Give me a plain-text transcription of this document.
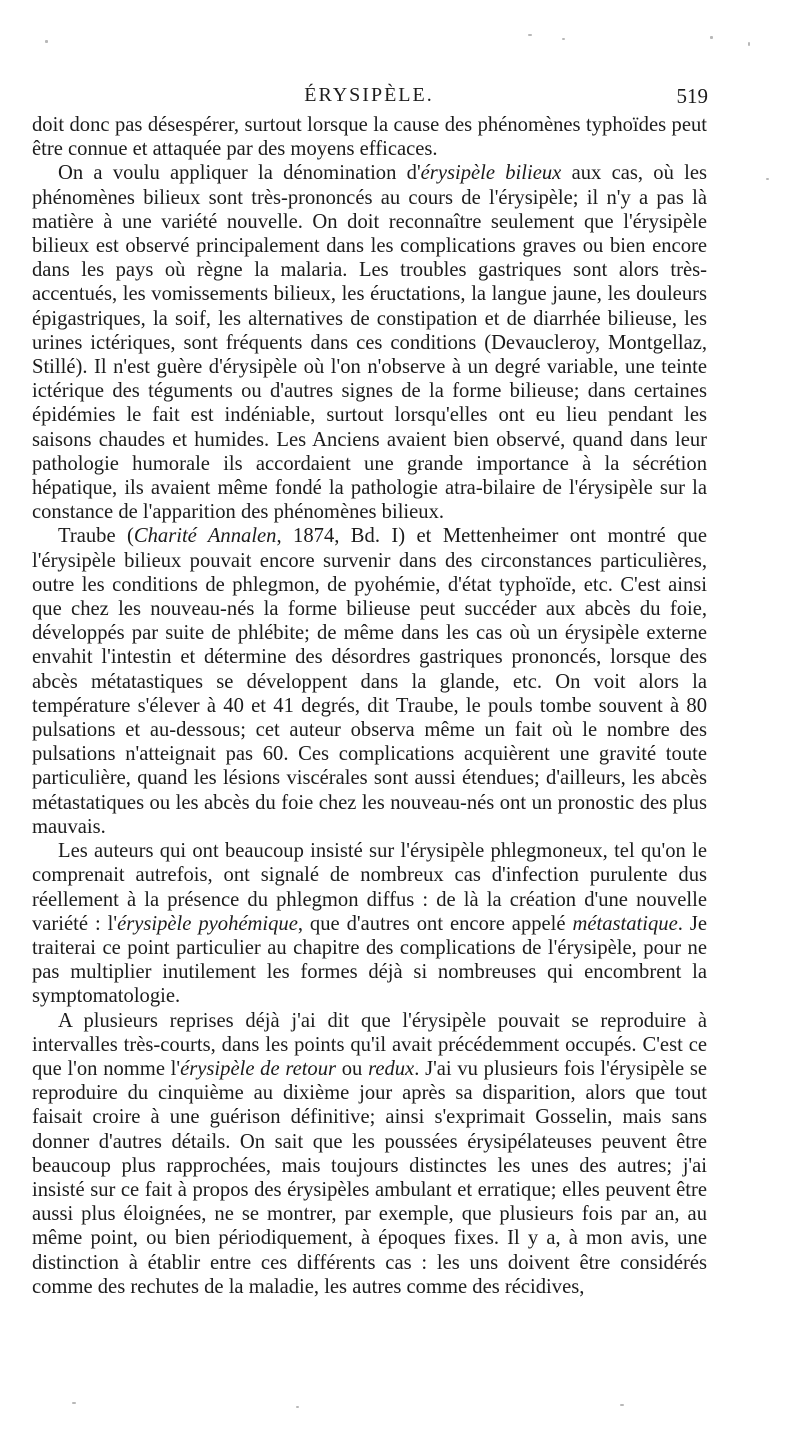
ÉRYSIPÈLE.	519

doit donc pas désespérer, surtout lorsque la cause des phénomènes typhoïdes peut être connue et attaquée par des moyens efficaces.

On a voulu appliquer la dénomination d'érysipèle bilieux aux cas, où les phénomènes bilieux sont très-prononcés au cours de l'érysipèle; il n'y a pas là matière à une variété nouvelle. On doit reconnaître seulement que l'érysipèle bilieux est observé principalement dans les complications graves ou bien encore dans les pays où règne la malaria. Les troubles gastriques sont alors très-accentués, les vomissements bilieux, les éructations, la langue jaune, les douleurs épigastriques, la soif, les alternatives de constipation et de diarrhée bilieuse, les urines ictériques, sont fréquents dans ces conditions (Devaucleroy, Montgellaz, Stillé). Il n'est guère d'érysipèle où l'on n'observe à un degré variable, une teinte ictérique des téguments ou d'autres signes de la forme bilieuse; dans certaines épidémies le fait est indéniable, surtout lorsqu'elles ont eu lieu pendant les saisons chaudes et humides. Les Anciens avaient bien observé, quand dans leur pathologie humorale ils accordaient une grande importance à la sécrétion hépatique, ils avaient même fondé la pathologie atra-bilaire de l'érysipèle sur la constance de l'apparition des phénomènes bilieux.

Traube (Charité Annalen, 1874, Bd. I) et Mettenheimer ont montré que l'érysipèle bilieux pouvait encore survenir dans des circonstances particulières, outre les conditions de phlegmon, de pyohémie, d'état typhoïde, etc. C'est ainsi que chez les nouveau-nés la forme bilieuse peut succéder aux abcès du foie, développés par suite de phlébite; de même dans les cas où un érysipèle externe envahit l'intestin et détermine des désordres gastriques prononcés, lorsque des abcès métatastiques se développent dans la glande, etc. On voit alors la température s'élever à 40 et 41 degrés, dit Traube, le pouls tombe souvent à 80 pulsations et au-dessous; cet auteur observa même un fait où le nombre des pulsations n'atteignait pas 60. Ces complications acquièrent une gravité toute particulière, quand les lésions viscérales sont aussi étendues; d'ailleurs, les abcès métastatiques ou les abcès du foie chez les nouveau-nés ont un pronostic des plus mauvais.

Les auteurs qui ont beaucoup insisté sur l'érysipèle phlegmoneux, tel qu'on le comprenait autrefois, ont signalé de nombreux cas d'infection purulente dus réellement à la présence du phlegmon diffus : de là la création d'une nouvelle variété : l'érysipèle pyohémique, que d'autres ont encore appelé métastatique. Je traiterai ce point particulier au chapitre des complications de l'érysipèle, pour ne pas multiplier inutilement les formes déjà si nombreuses qui encombrent la symptomatologie.

A plusieurs reprises déjà j'ai dit que l'érysipèle pouvait se reproduire à intervalles très-courts, dans les points qu'il avait précédemment occupés. C'est ce que l'on nomme l'érysipèle de retour ou redux. J'ai vu plusieurs fois l'érysipèle se reproduire du cinquième au dixième jour après sa disparition, alors que tout faisait croire à une guérison définitive; ainsi s'exprimait Gosselin, mais sans donner d'autres détails. On sait que les poussées érysipélateuses peuvent être beaucoup plus rapprochées, mais toujours distinctes les unes des autres; j'ai insisté sur ce fait à propos des érysipèles ambulant et erratique; elles peuvent être aussi plus éloignées, ne se montrer, par exemple, que plusieurs fois par an, au même point, ou bien périodiquement, à époques fixes. Il y a, à mon avis, une distinction à établir entre ces différents cas : les uns doivent être considérés comme des rechutes de la maladie, les autres comme des récidives,
